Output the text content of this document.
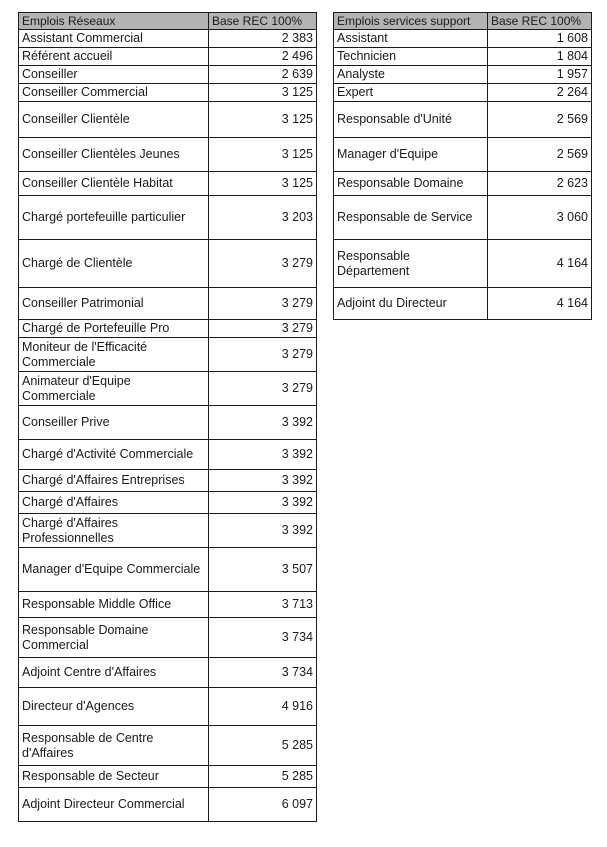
Emplois Réseaux	Base REC 100%
Assistant Commercial	2 383
Référent accueil	2 496
Conseiller	2 639
Conseiller Commercial	3 125
Conseiller Clientèle	3 125
Conseiller Clientèles Jeunes	3 125
Conseiller Clientèle Habitat	3 125
Chargé portefeuille particulier	3 203
Chargé de Clientèle	3 279
Conseiller Patrimonial	3 279
Chargé de Portefeuille Pro	3 279
Moniteur de l'Efficacité Commerciale	3 279
Animateur d'Equipe Commerciale	3 279
Conseiller Prive	3 392
Chargé d'Activité Commerciale	3 392
Chargé d'Affaires Entreprises	3 392
Chargé d'Affaires	3 392
Chargé d'Affaires Professionnelles	3 392
Manager d'Equipe Commerciale	3 507
Responsable Middle Office	3 713
Responsable Domaine Commercial	3 734
Adjoint Centre d'Affaires	3 734
Directeur d'Agences	4 916
Responsable de Centre d'Affaires	5 285
Responsable de Secteur	5 285
Adjoint Directeur Commercial	6 097
Emplois services support	Base REC 100%
Assistant	1 608
Technicien	1 804
Analyste	1 957
Expert	2 264
Responsable d'Unité	2 569
Manager d'Equipe	2 569
Responsable Domaine	2 623
Responsable de Service	3 060
Responsable Département	4 164
Adjoint du Directeur	4 164
